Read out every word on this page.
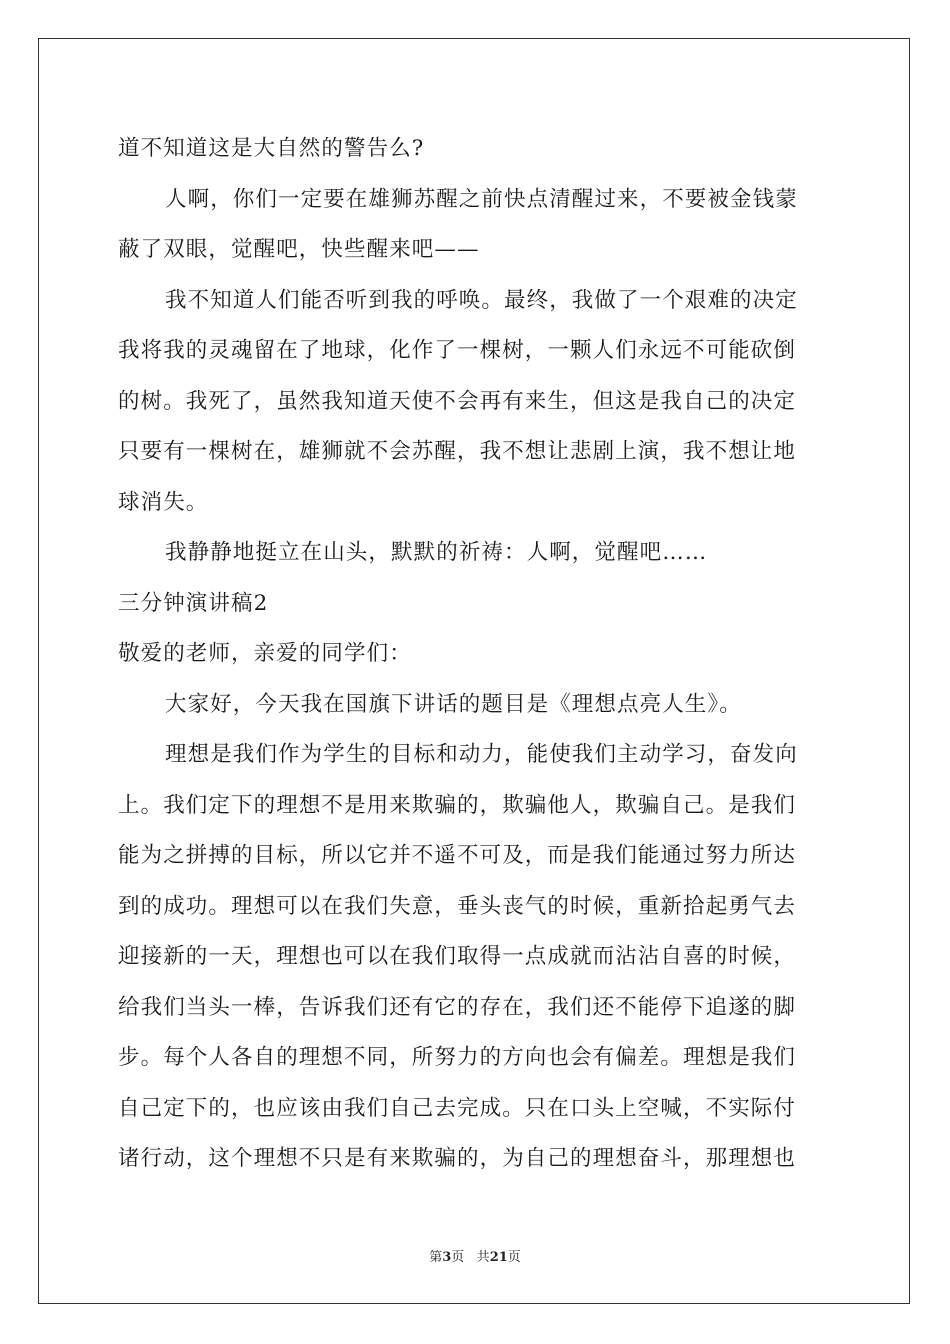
道不知道这是大自然的警告么?
人啊，你们一定要在雄狮苏醒之前快点清醒过来，不要被金钱蒙
蔽了双眼，觉醒吧，快些醒来吧——
我不知道人们能否听到我的呼唤。最终，我做了一个艰难的决定
我将我的灵魂留在了地球，化作了一棵树，一颗人们永远不可能砍倒
的树。我死了，虽然我知道天使不会再有来生，但这是我自己的决定
只要有一棵树在，雄狮就不会苏醒，我不想让悲剧上演，我不想让地
球消失。
我静静地挺立在山头，默默的祈祷：人啊，觉醒吧……
三分钟演讲稿2
敬爱的老师，亲爱的同学们：
大家好，今天我在国旗下讲话的题目是《理想点亮人生》。
理想是我们作为学生的目标和动力，能使我们主动学习，奋发向
上。我们定下的理想不是用来欺骗的，欺骗他人，欺骗自己。是我们
能为之拼搏的目标，所以它并不遥不可及，而是我们能通过努力所达
到的成功。理想可以在我们失意，垂头丧气的时候，重新拾起勇气去
迎接新的一天，理想也可以在我们取得一点成就而沾沾自喜的时候，
给我们当头一棒，告诉我们还有它的存在，我们还不能停下追遂的脚
步。每个人各自的理想不同，所努力的方向也会有偏差。理想是我们
自己定下的，也应该由我们自己去完成。只在口头上空喊，不实际付
诸行动，这个理想不只是有来欺骗的，为自己的理想奋斗，那理想也
第3页 共21页
